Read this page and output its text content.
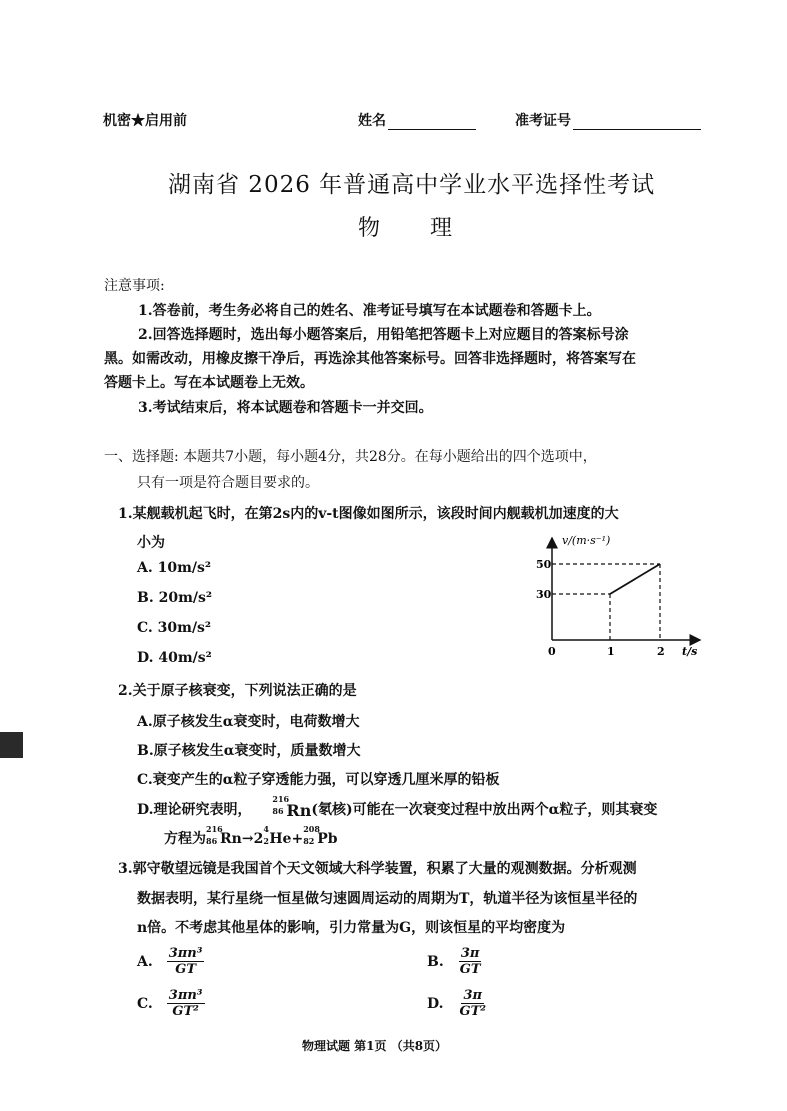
机密★启用前	姓名	准考证号
湖南省 2026 年普通高中学业水平选择性考试
物　理
注意事项:
1.答卷前，考生务必将自己的姓名、准考证号填写在本试题卷和答题卡上。
2.回答选择题时，选出每小题答案后，用铅笔把答题卡上对应题目的答案标号涂
黑。如需改动，用橡皮擦干净后，再选涂其他答案标号。回答非选择题时，将答案写在
答题卡上。写在本试题卷上无效。
3.考试结束后，将本试题卷和答题卡一并交回。
一、选择题: 本题共7小题，每小题4分，共28分。在每小题给出的四个选项中，
只有一项是符合题目要求的。
1.某舰载机起飞时，在第2s内的v-t图像如图所示，该段时间内舰载机加速度的大
小为
A. 10m/s²
B. 20m/s²
C. 30m/s²
D. 40m/s²
v/(m·s⁻¹)
50
30
0	1	2 t/s
2.关于原子核衰变，下列说法正确的是
A.原子核发生α衰变时，电荷数增大
B.原子核发生α衰变时，质量数增大
C.衰变产生的α粒子穿透能力强，可以穿透几厘米厚的铅板
D.理论研究表明，
216
86 Rn(氡核)可能在一次衰变过程中放出两个α粒子，则其衰变
方程为
216
86 Rn→2
4
2 He+
208
82 Pb
3.郭守敬望远镜是我国首个天文领域大科学装置，积累了大量的观测数据。分析观测
数据表明，某行星绕一恒星做匀速圆周运动的周期为T，轨道半径为该恒星半径的
n倍。不考虑其他星体的影响，引力常量为G，则该恒星的平均密度为
A. $\frac{\text{3πn³}}{GT}$	B. $\frac{3\pi}{GT}$
C. $\frac{\text{3πn³}}{\text{GT²}}$	D. $\frac{3\pi}{\text{GT²}}$
物理试题 第1页 （共8页）
